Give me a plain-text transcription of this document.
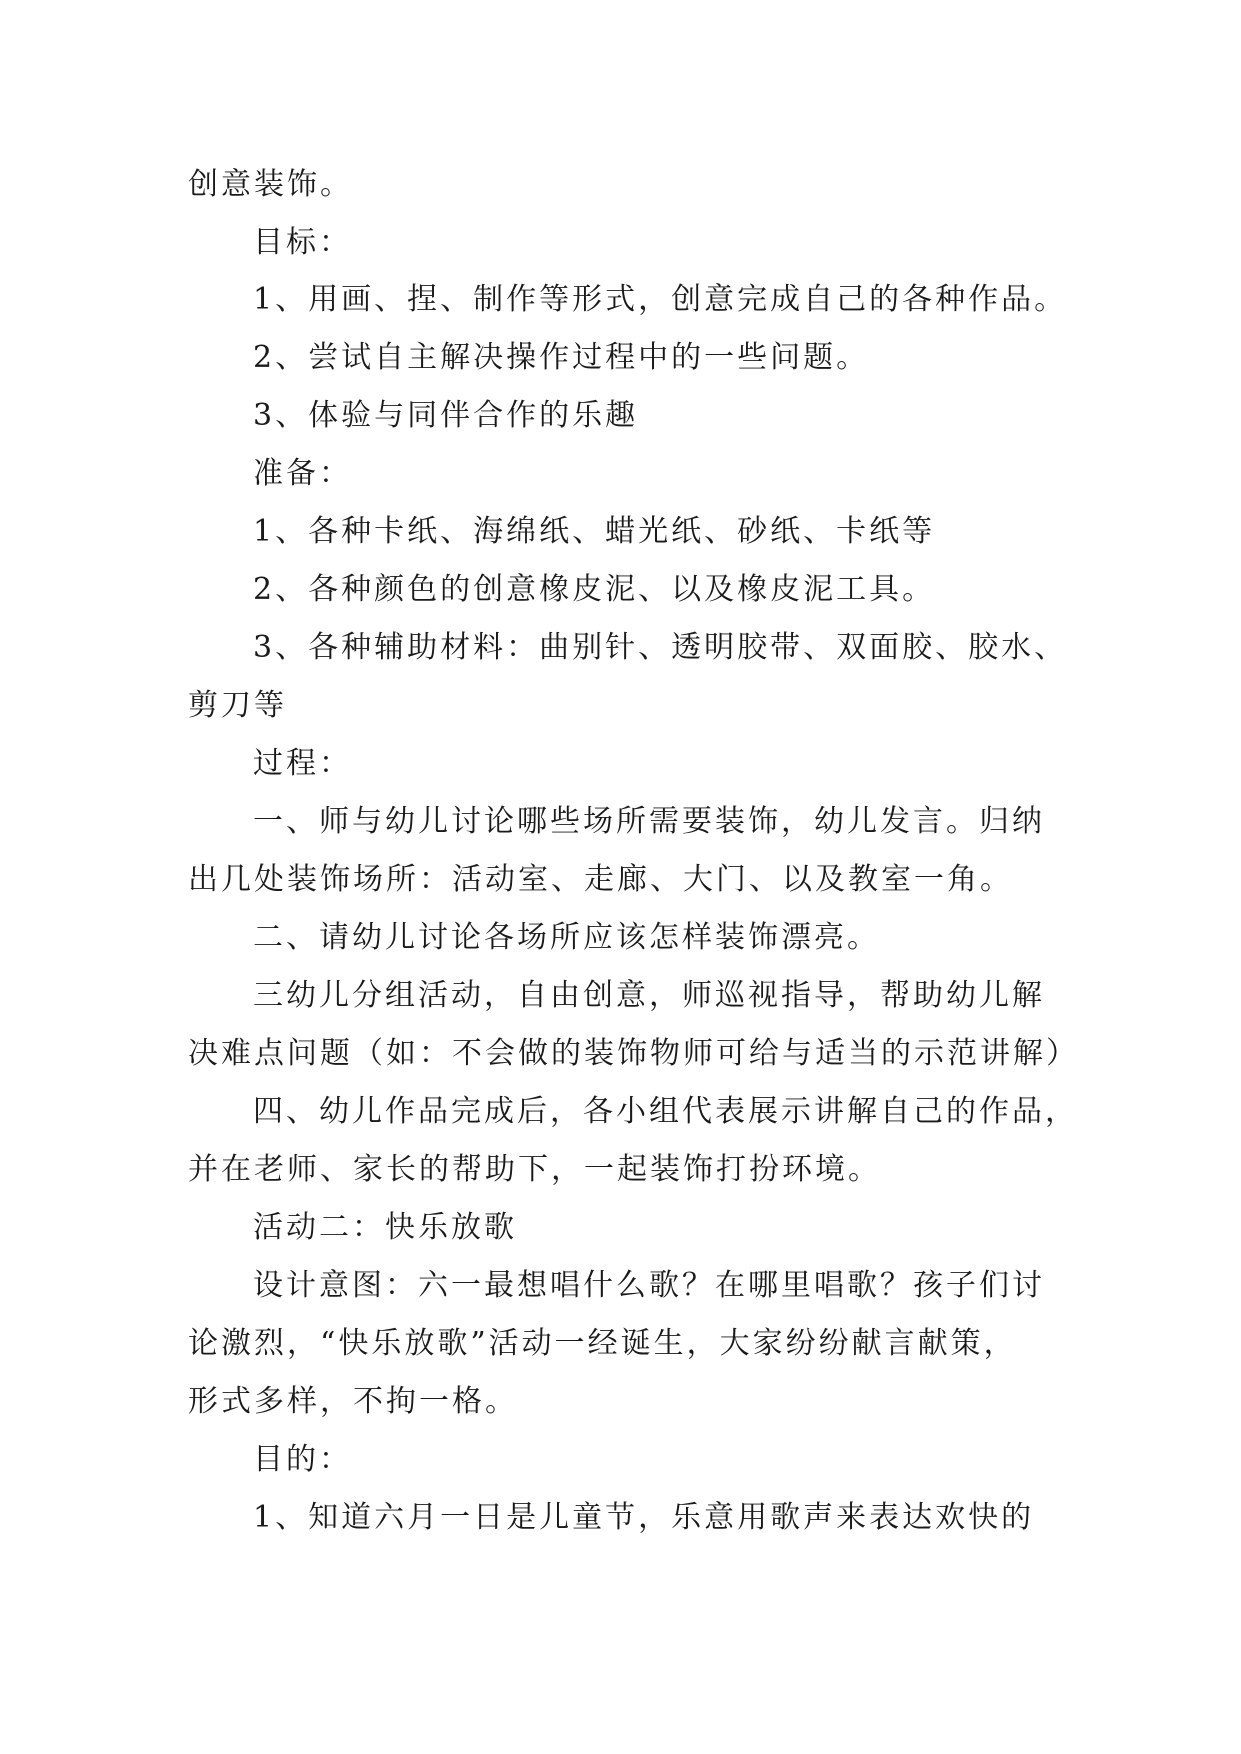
创意装饰。
目标：
1、用画、捏、制作等形式，创意完成自己的各种作品。
2、尝试自主解决操作过程中的一些问题。
3、体验与同伴合作的乐趣
准备：
1、各种卡纸、海绵纸、蜡光纸、砂纸、卡纸等
2、各种颜色的创意橡皮泥、以及橡皮泥工具。
3、各种辅助材料：曲别针、透明胶带、双面胶、胶水、
剪刀等
过程：
一、师与幼儿讨论哪些场所需要装饰，幼儿发言。归纳
出几处装饰场所：活动室、走廊、大门、以及教室一角。
二、请幼儿讨论各场所应该怎样装饰漂亮。
三幼儿分组活动，自由创意，师巡视指导，帮助幼儿解
决难点问题（如：不会做的装饰物师可给与适当的示范讲解）
四、幼儿作品完成后，各小组代表展示讲解自己的作品，
并在老师、家长的帮助下，一起装饰打扮环境。
活动二：快乐放歌
设计意图：六一最想唱什么歌？在哪里唱歌？孩子们讨
论激烈，“快乐放歌”活动一经诞生，大家纷纷献言献策，
形式多样，不拘一格。
目的：
1、知道六月一日是儿童节，乐意用歌声来表达欢快的
